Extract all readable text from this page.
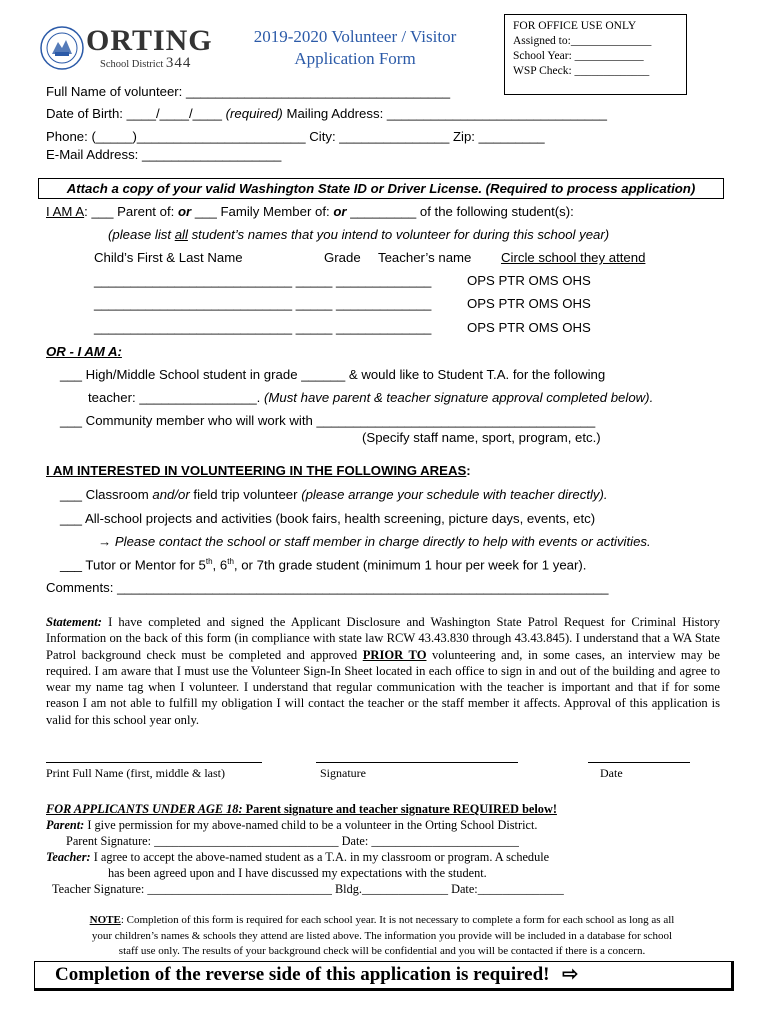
ORTING
School District 344
2019-2020 Volunteer / Visitor
Application Form
FOR OFFICE USE ONLY
Assigned to:______________
School Year: ____________
WSP Check: _____________
Full Name of volunteer: ____________________________________
Date of Birth: ____/____/____ (required) Mailing Address: ______________________________
Phone: (_____)_______________________ City: _______________ Zip: _________
E-Mail Address: ___________________
Attach a copy of your valid Washington State ID or Driver License. (Required to process application)
I AM A: ___ Parent of: or ___ Family Member of: or _________ of the following student(s):
(please list all student’s names that you intend to volunteer for during this school year)
Child’s First & Last Name	Grade Teacher’s name Circle school they attend
___________________________ _____ _____________	OPS PTR OMS OHS
___________________________ _____ _____________	OPS PTR OMS OHS
___________________________ _____ _____________	OPS PTR OMS OHS
OR - I AM A:
___ High/Middle School student in grade ______ & would like to Student T.A. for the following
teacher: ________________. (Must have parent & teacher signature approval completed below).
___ Community member who will work with ______________________________________
(Specify staff name, sport, program, etc.)
I AM INTERESTED IN VOLUNTEERING IN THE FOLLOWING AREAS:
___ Classroom and/or field trip volunteer (please arrange your schedule with teacher directly).
___ All-school projects and activities (book fairs, health screening, picture days, events, etc)
→ Please contact the school or staff member in charge directly to help with events or activities.
___ Tutor or Mentor for 5th, 6th, or 7th grade student (minimum 1 hour per week for 1 year).
Comments: ___________________________________________________________________
Statement: I have completed and signed the Applicant Disclosure and Washington State Patrol Request for Criminal History Information on the back of this form (in compliance with state law RCW 43.43.830 through 43.43.845). I understand that a WA State Patrol background check must be completed and approved PRIOR TO volunteering and, in some cases, an interview may be required. I am aware that I must use the Volunteer Sign-In Sheet located in each office to sign in and out of the building and agree to wear my name tag when I volunteer. I understand that regular communication with the teacher is important and that if for some reason I am not able to fulfill my obligation I will contact the teacher or the staff member it affects. Approval of this application is valid for this school year only.
Print Full Name (first, middle & last)	Signature	Date
FOR APPLICANTS UNDER AGE 18: Parent signature and teacher signature REQUIRED below!
Parent: I give permission for my above-named child to be a volunteer in the Orting School District.
Parent Signature: ______________________________ Date: ________________________
Teacher: I agree to accept the above-named student as a T.A. in my classroom or program. A schedule
has been agreed upon and I have discussed my expectations with the student.
Teacher Signature: ______________________________ Bldg.______________ Date:______________
NOTE: Completion of this form is required for each school year. It is not necessary to complete a form for each school as long as all
your children’s names & schools they attend are listed above. The information you provide will be included in a database for school
staff use only. The results of your background check will be confidential and you will be contacted if there is a concern.
Completion of the reverse side of this application is required! ⇨
